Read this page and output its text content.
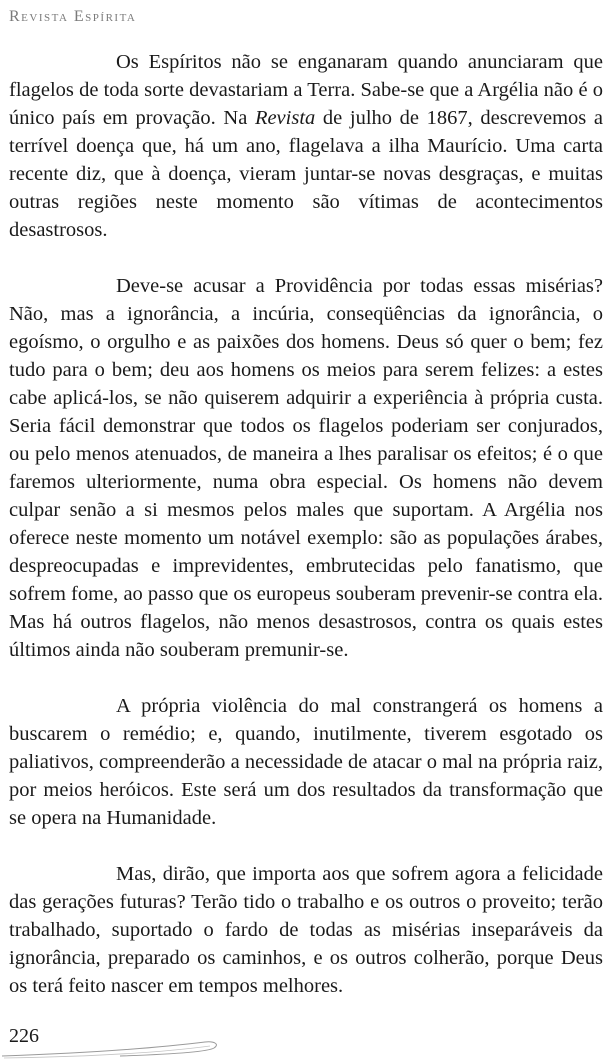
Revista Espírita

Os Espíritos não se enganaram quando anunciaram que flagelos de toda sorte devastariam a Terra. Sabe-se que a Argélia não é o único país em provação. Na Revista de julho de 1867, descrevemos a terrível doença que, há um ano, flagelava a ilha Maurício. Uma carta recente diz, que à doença, vieram juntar-se novas desgraças, e muitas outras regiões neste momento são vítimas de acontecimentos desastrosos.

Deve-se acusar a Providência por todas essas misérias? Não, mas a ignorância, a incúria, conseqüências da ignorância, o egoísmo, o orgulho e as paixões dos homens. Deus só quer o bem; fez tudo para o bem; deu aos homens os meios para serem felizes: a estes cabe aplicá-los, se não quiserem adquirir a experiência à própria custa. Seria fácil demonstrar que todos os flagelos poderiam ser conjurados, ou pelo menos atenuados, de maneira a lhes paralisar os efeitos; é o que faremos ulteriormente, numa obra especial. Os homens não devem culpar senão a si mesmos pelos males que suportam. A Argélia nos oferece neste momento um notável exemplo: são as populações árabes, despreocupadas e imprevidentes, embrutecidas pelo fanatismo, que sofrem fome, ao passo que os europeus souberam prevenir-se contra ela. Mas há outros flagelos, não menos desastrosos, contra os quais estes últimos ainda não souberam premunir-se.

A própria violência do mal constrangerá os homens a buscarem o remédio; e, quando, inutilmente, tiverem esgotado os paliativos, compreenderão a necessidade de atacar o mal na própria raiz, por meios heróicos. Este será um dos resultados da transformação que se opera na Humanidade.

Mas, dirão, que importa aos que sofrem agora a felicidade das gerações futuras? Terão tido o trabalho e os outros o proveito; terão trabalhado, suportado o fardo de todas as misérias inseparáveis da ignorância, preparado os caminhos, e os outros colherão, porque Deus os terá feito nascer em tempos melhores.

226
